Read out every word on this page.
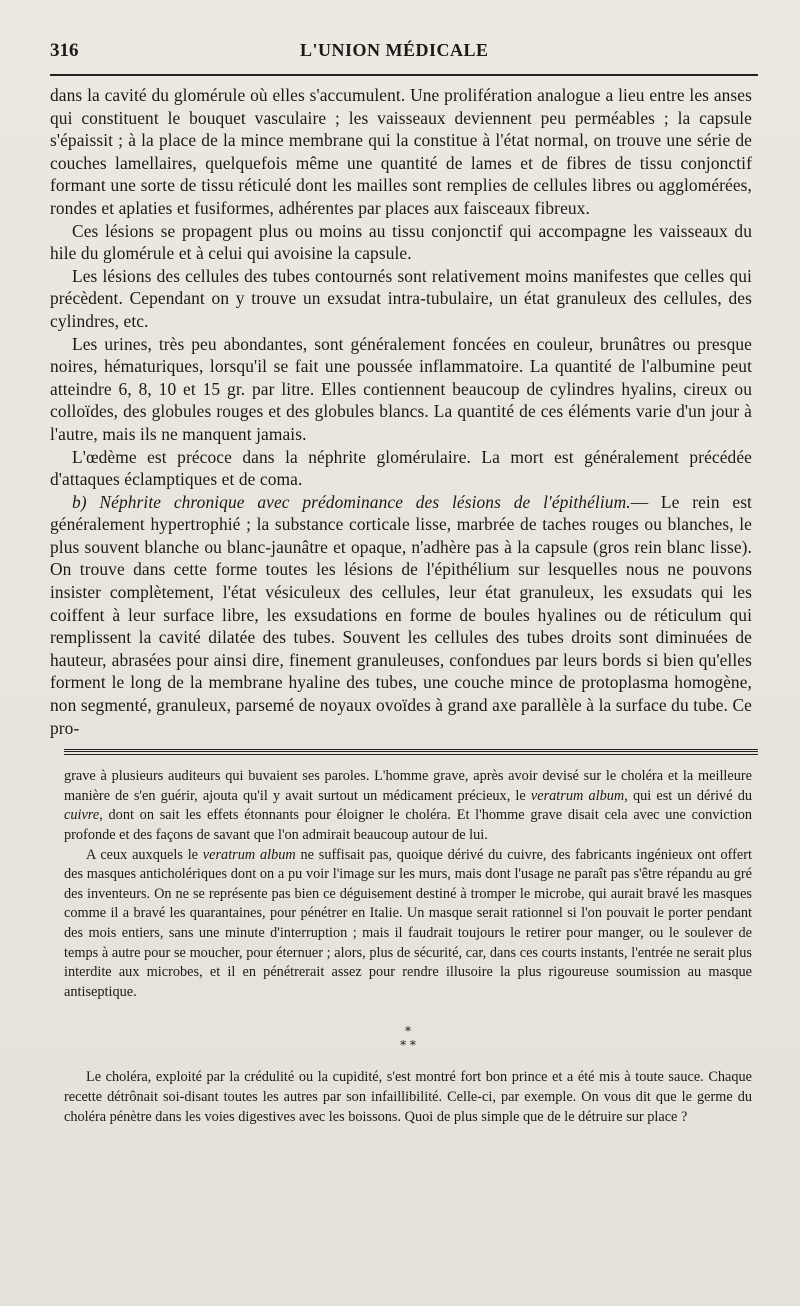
316	L'UNION MÉDICALE

dans la cavité du glomérule où elles s'accumulent. Une prolifération analogue a lieu entre les anses qui constituent le bouquet vasculaire ; les vaisseaux deviennent peu perméables ; la capsule s'épaissit ; à la place de la mince membrane qui la constitue à l'état normal, on trouve une série de couches lamellaires, quelquefois même une quantité de lames et de fibres de tissu conjonctif formant une sorte de tissu réticulé dont les mailles sont remplies de cellules libres ou agglomérées, rondes et aplaties et fusiformes, adhérentes par places aux faisceaux fibreux.

Ces lésions se propagent plus ou moins au tissu conjonctif qui accompagne les vaisseaux du hile du glomérule et à celui qui avoisine la capsule.

Les lésions des cellules des tubes contournés sont relativement moins manifestes que celles qui précèdent. Cependant on y trouve un exsudat intra-tubulaire, un état granuleux des cellules, des cylindres, etc.

Les urines, très peu abondantes, sont généralement foncées en couleur, brunâtres ou presque noires, hématuriques, lorsqu'il se fait une poussée inflammatoire. La quantité de l'albumine peut atteindre 6, 8, 10 et 15 gr. par litre. Elles contiennent beaucoup de cylindres hyalins, cireux ou colloïdes, des globules rouges et des globules blancs. La quantité de ces éléments varie d'un jour à l'autre, mais ils ne manquent jamais.

L'œdème est précoce dans la néphrite glomérulaire. La mort est généralement précédée d'attaques éclamptiques et de coma.

b) Néphrite chronique avec prédominance des lésions de l'épithélium.— Le rein est généralement hypertrophié ; la substance corticale lisse, marbrée de taches rouges ou blanches, le plus souvent blanche ou blanc-jaunâtre et opaque, n'adhère pas à la capsule (gros rein blanc lisse). On trouve dans cette forme toutes les lésions de l'épithélium sur lesquelles nous ne pouvons insister complètement, l'état vésiculeux des cellules, leur état granuleux, les exsudats qui les coiffent à leur surface libre, les exsudations en forme de boules hyalines ou de réticulum qui remplissent la cavité dilatée des tubes. Souvent les cellules des tubes droits sont diminuées de hauteur, abrasées pour ainsi dire, finement granuleuses, confondues par leurs bords si bien qu'elles forment le long de la membrane hyaline des tubes, une couche mince de protoplasma homogène, non segmenté, granuleux, parsemé de noyaux ovoïdes à grand axe parallèle à la surface du tube. Ce pro-

grave à plusieurs auditeurs qui buvaient ses paroles. L'homme grave, après avoir devisé sur le choléra et la meilleure manière de s'en guérir, ajouta qu'il y avait surtout un médicament précieux, le veratrum album, qui est un dérivé du cuivre, dont on sait les effets étonnants pour éloigner le choléra. Et l'homme grave disait cela avec une conviction profonde et des façons de savant que l'on admirait beaucoup autour de lui.

A ceux auxquels le veratrum album ne suffisait pas, quoique dérivé du cuivre, des fabricants ingénieux ont offert des masques anticholériques dont on a pu voir l'image sur les murs, mais dont l'usage ne paraît pas s'être répandu au gré des inventeurs. On ne se représente pas bien ce déguisement destiné à tromper le microbe, qui aurait bravé les masques comme il a bravé les quarantaines, pour pénétrer en Italie. Un masque serait rationnel si l'on pouvait le porter pendant des mois entiers, sans une minute d'interruption ; mais il faudrait toujours le retirer pour manger, ou le soulever de temps à autre pour se moucher, pour éternuer ; alors, plus de sécurité, car, dans ces courts instants, l'entrée ne serait plus interdite aux microbes, et il en pénétrerait assez pour rendre illusoire la plus rigoureuse soumission au masque antiseptique.

*
* *

Le choléra, exploité par la crédulité ou la cupidité, s'est montré fort bon prince et a été mis à toute sauce. Chaque recette détrônait soi-disant toutes les autres par son infaillibilité. Celle-ci, par exemple. On vous dit que le germe du choléra pénètre dans les voies digestives avec les boissons. Quoi de plus simple que de le détruire sur place ?
